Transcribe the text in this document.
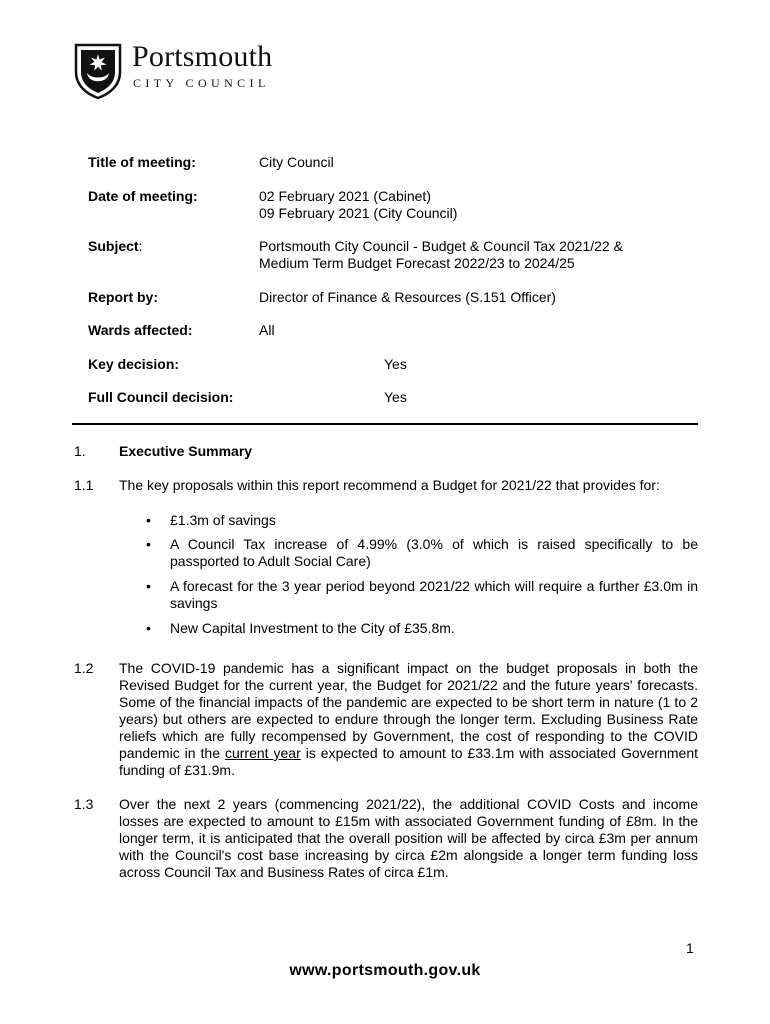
Portsmouth
CITY COUNCIL
Title of meeting:	City Council
Date of meeting:	02 February 2021 (Cabinet)
09 February 2021 (City Council)
Subject:	Portsmouth City Council - Budget & Council Tax 2021/22 &
Medium Term Budget Forecast 2022/23 to 2024/25
Report by:	Director of Finance & Resources (S.151 Officer)
Wards affected:	All
Key decision:	Yes
Full Council decision:	Yes
1. Executive Summary
1.1 The key proposals within this report recommend a Budget for 2021/22 that provides for:

• £1.3m of savings

• A Council Tax increase of 4.99% (3.0% of which is raised specifically to be passported to Adult Social Care)

• A forecast for the 3 year period beyond 2021/22 which will require a further £3.0m in savings

• New Capital Investment to the City of £35.8m.

1.2 The COVID-19 pandemic has a significant impact on the budget proposals in both the Revised Budget for the current year, the Budget for 2021/22 and the future years' forecasts. Some of the financial impacts of the pandemic are expected to be short term in nature (1 to 2 years) but others are expected to endure through the longer term. Excluding Business Rate reliefs which are fully recompensed by Government, the cost of responding to the COVID pandemic in the current year is expected to amount to £33.1m with associated Government funding of £31.9m.

1.3 Over the next 2 years (commencing 2021/22), the additional COVID Costs and income losses are expected to amount to £15m with associated Government funding of £8m. In the longer term, it is anticipated that the overall position will be affected by circa £3m per annum with the Council's cost base increasing by circa £2m alongside a longer term funding loss across Council Tax and Business Rates of circa £1m.

1
www.portsmouth.gov.uk
